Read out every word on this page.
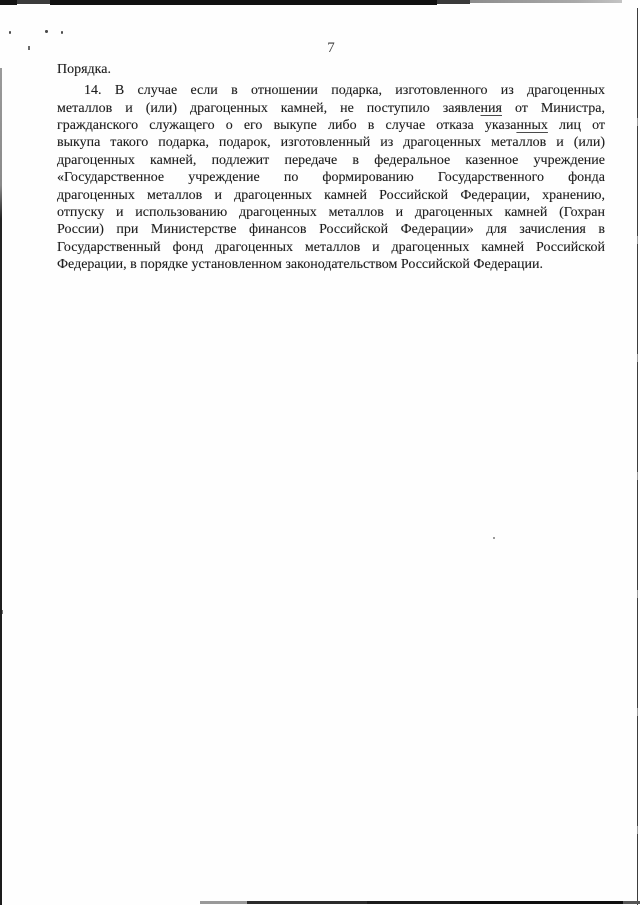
7
Порядка.
14. В случае если в отношении подарка, изготовленного из драгоценных
металлов и (или) драгоценных камней, не поступило заявления от Министра,
гражданского служащего о его выкупе либо в случае отказа указанных лиц от
выкупа такого подарка, подарок, изготовленный из драгоценных металлов и (или)
драгоценных камней, подлежит передаче в федеральное казенное учреждение
«Государственное учреждение по формированию Государственного фонда
драгоценных металлов и драгоценных камней Российской Федерации, хранению,
отпуску и использованию драгоценных металлов и драгоценных камней (Гохран
России) при Министерстве финансов Российской Федерации» для зачисления в
Государственный фонд драгоценных металлов и драгоценных камней Российской
Федерации, в порядке установленном законодательством Российской Федерации.
